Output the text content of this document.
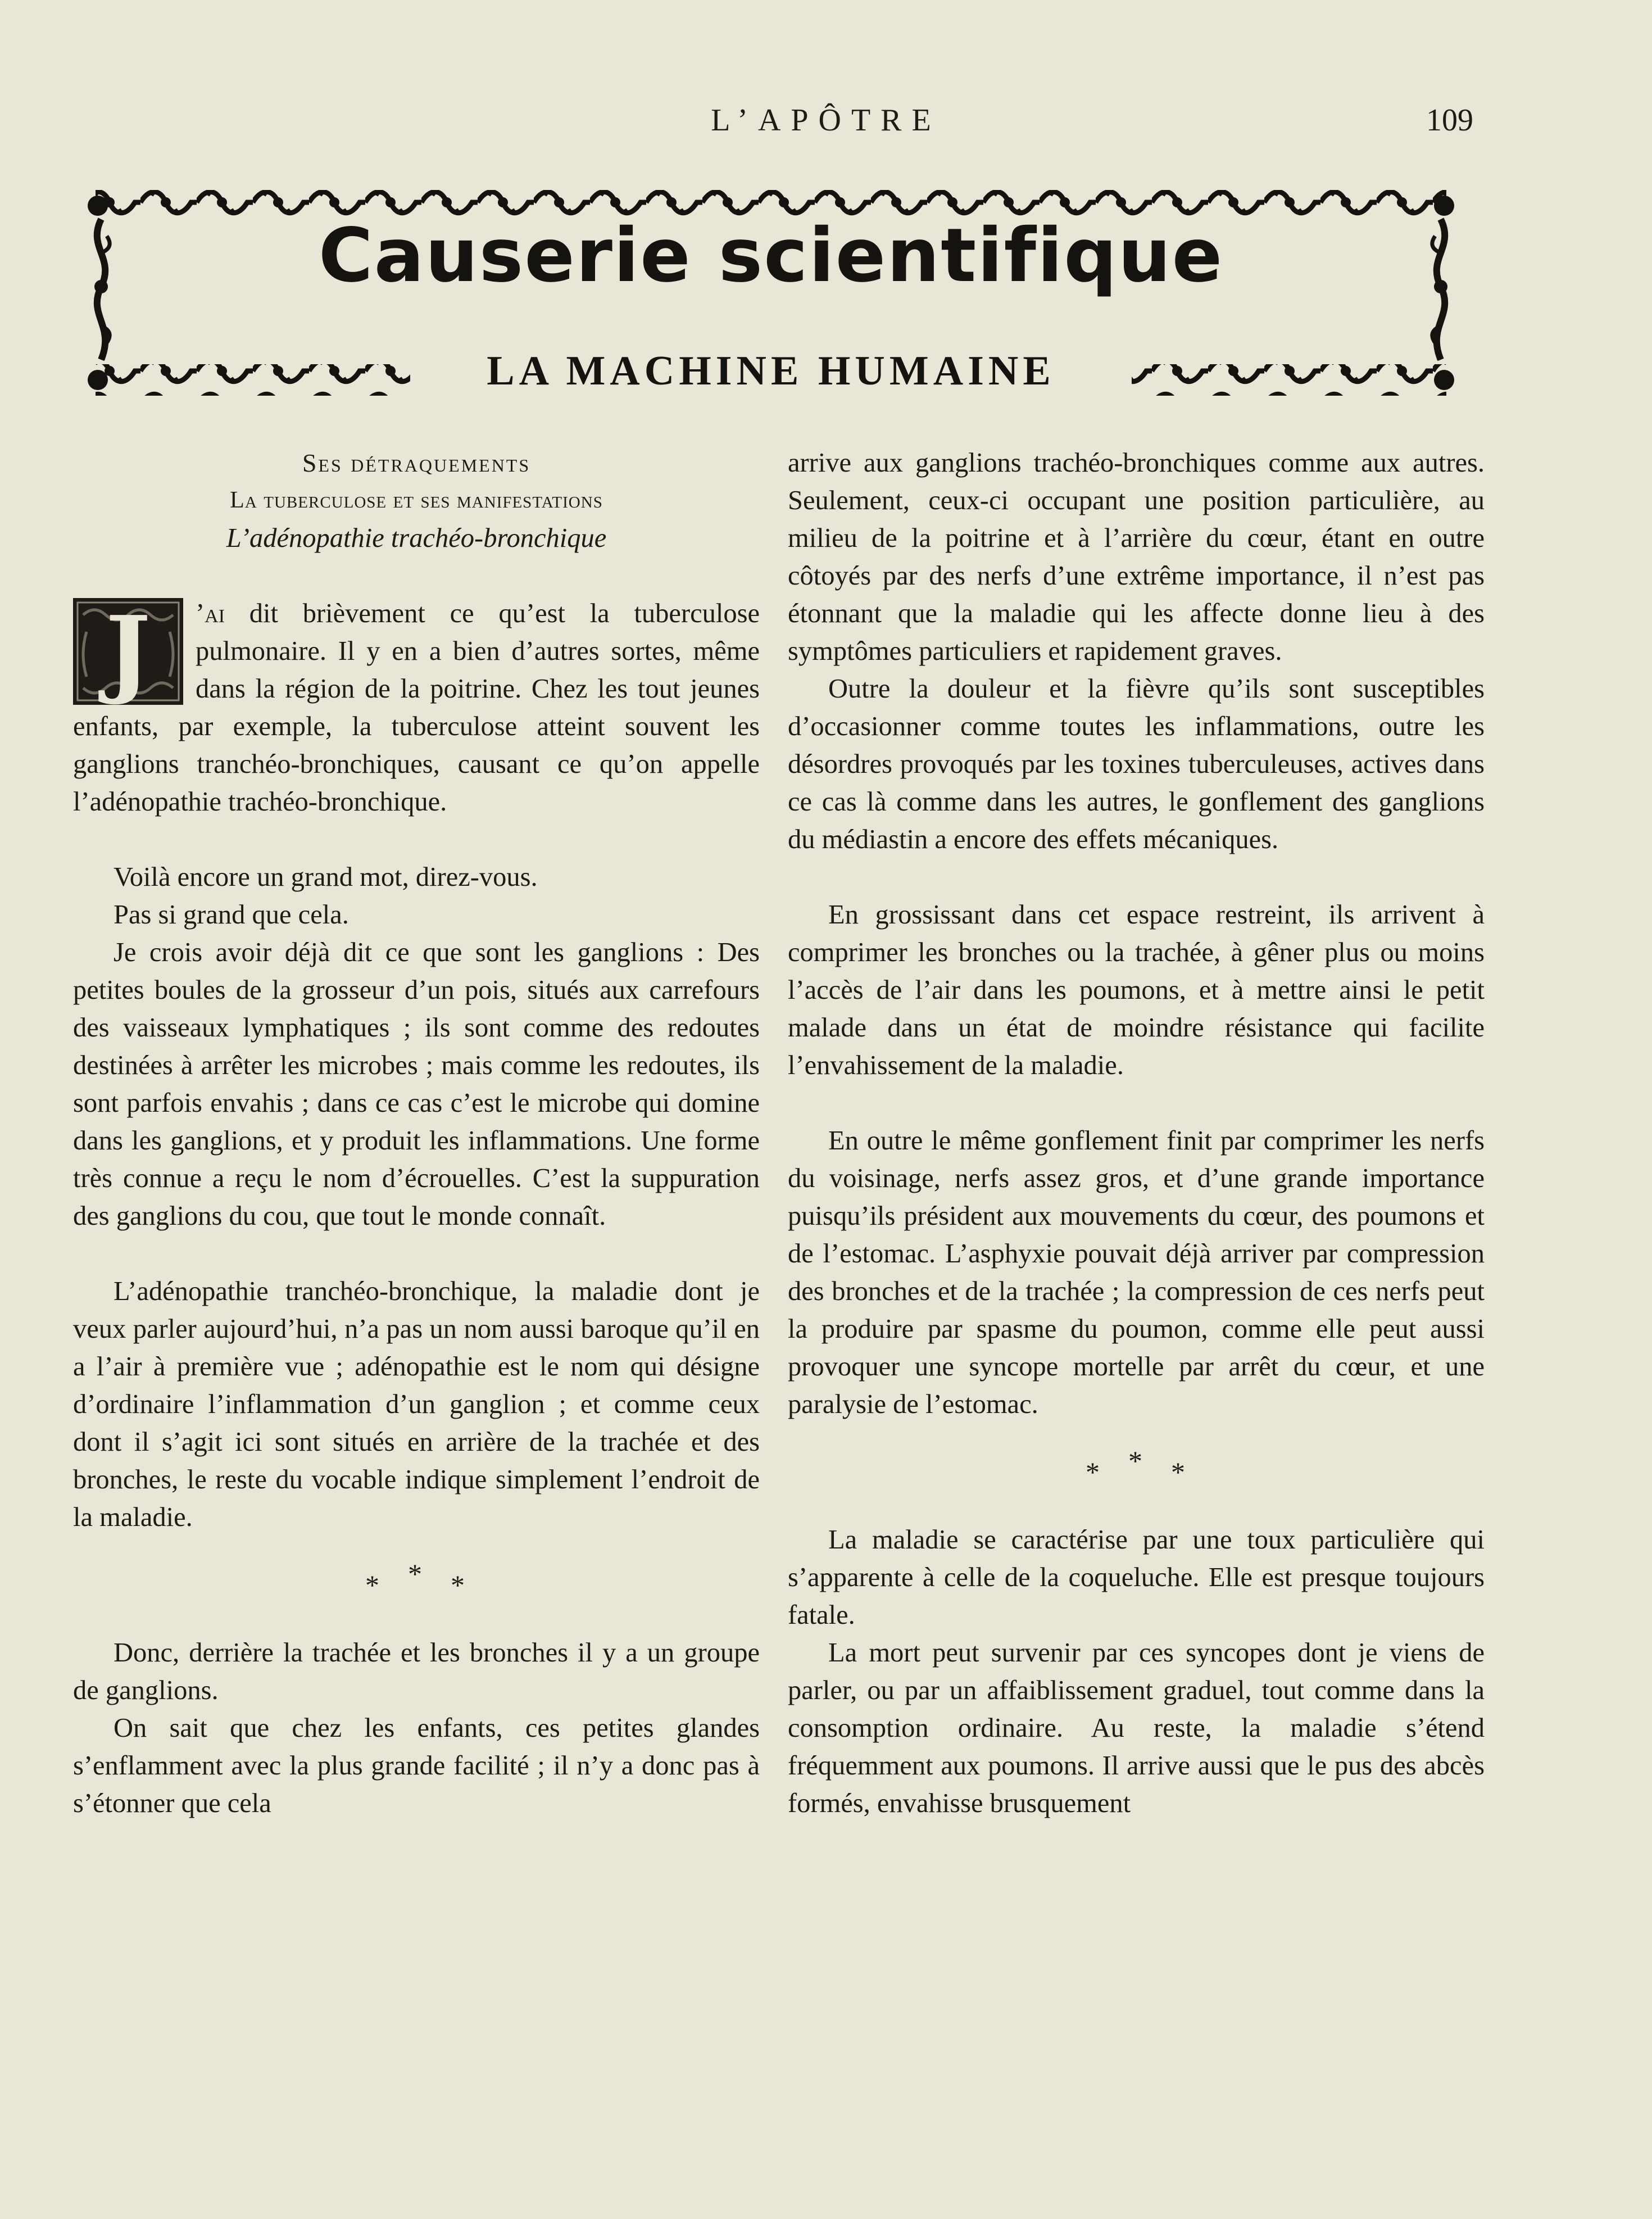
L’APÔTRE	109
Causerie scientifique
LA MACHINE HUMAINE

Ses détraquements

La tuberculose et ses manifestations

L’adénopathie trachéo-bronchique

J	’ai dit brièvement ce qu’est la tuberculose pulmonaire. Il y en a bien d’autres sortes, même dans la région de la poitrine. Chez les tout jeunes enfants, par exemple, la tuberculose atteint souvent les ganglions tranchéo-bronchiques, causant ce qu’on appelle l’adénopathie trachéo-bronchique.

Voilà encore un grand mot, direz-vous.

Pas si grand que cela.

Je crois avoir déjà dit ce que sont les ganglions : Des petites boules de la grosseur d’un pois, situés aux carrefours des vaisseaux lymphatiques ; ils sont comme des redoutes destinées à arrêter les microbes ; mais comme les redoutes, ils sont parfois envahis ; dans ce cas c’est le microbe qui domine dans les ganglions, et y produit les inflammations. Une forme très connue a reçu le nom d’écrouelles. C’est la suppuration des ganglions du cou, que tout le monde connaît.

L’adénopathie tranchéo-bronchique, la maladie dont je veux parler aujourd’hui, n’a pas un nom aussi baroque qu’il en a l’air à première vue ; adénopathie est le nom qui désigne d’ordinaire l’inflammation d’un ganglion ; et comme ceux dont il s’agit ici sont situés en arrière de la trachée et des bronches, le reste du vocable indique simplement l’endroit de la maladie.

* * *

Donc, derrière la trachée et les bronches il y a un groupe de ganglions.

On sait que chez les enfants, ces petites glandes s’enflamment avec la plus grande facilité ; il n’y a donc pas à s’étonner que cela

arrive aux ganglions trachéo-bronchiques comme aux autres. Seulement, ceux-ci occupant une position particulière, au milieu de la poitrine et à l’arrière du cœur, étant en outre côtoyés par des nerfs d’une extrême importance, il n’est pas étonnant que la maladie qui les affecte donne lieu à des symptômes particuliers et rapidement graves.

Outre la douleur et la fièvre qu’ils sont susceptibles d’occasionner comme toutes les inflammations, outre les désordres provoqués par les toxines tuberculeuses, actives dans ce cas là comme dans les autres, le gonflement des ganglions du médiastin a encore des effets mécaniques.

En grossissant dans cet espace restreint, ils arrivent à comprimer les bronches ou la trachée, à gêner plus ou moins l’accès de l’air dans les poumons, et à mettre ainsi le petit malade dans un état de moindre résistance qui facilite l’envahissement de la maladie.

En outre le même gonflement finit par comprimer les nerfs du voisinage, nerfs assez gros, et d’une grande importance puisqu’ils président aux mouvements du cœur, des poumons et de l’estomac. L’asphyxie pouvait déjà arriver par compression des bronches et de la trachée ; la compression de ces nerfs peut la produire par spasme du poumon, comme elle peut aussi provoquer une syncope mortelle par arrêt du cœur, et une paralysie de l’estomac.

* * *

La maladie se caractérise par une toux particulière qui s’apparente à celle de la coqueluche. Elle est presque toujours fatale.

La mort peut survenir par ces syncopes dont je viens de parler, ou par un affaiblissement graduel, tout comme dans la consomption ordinaire. Au reste, la maladie s’étend fréquemment aux poumons. Il arrive aussi que le pus des abcès formés, envahisse brusquement
